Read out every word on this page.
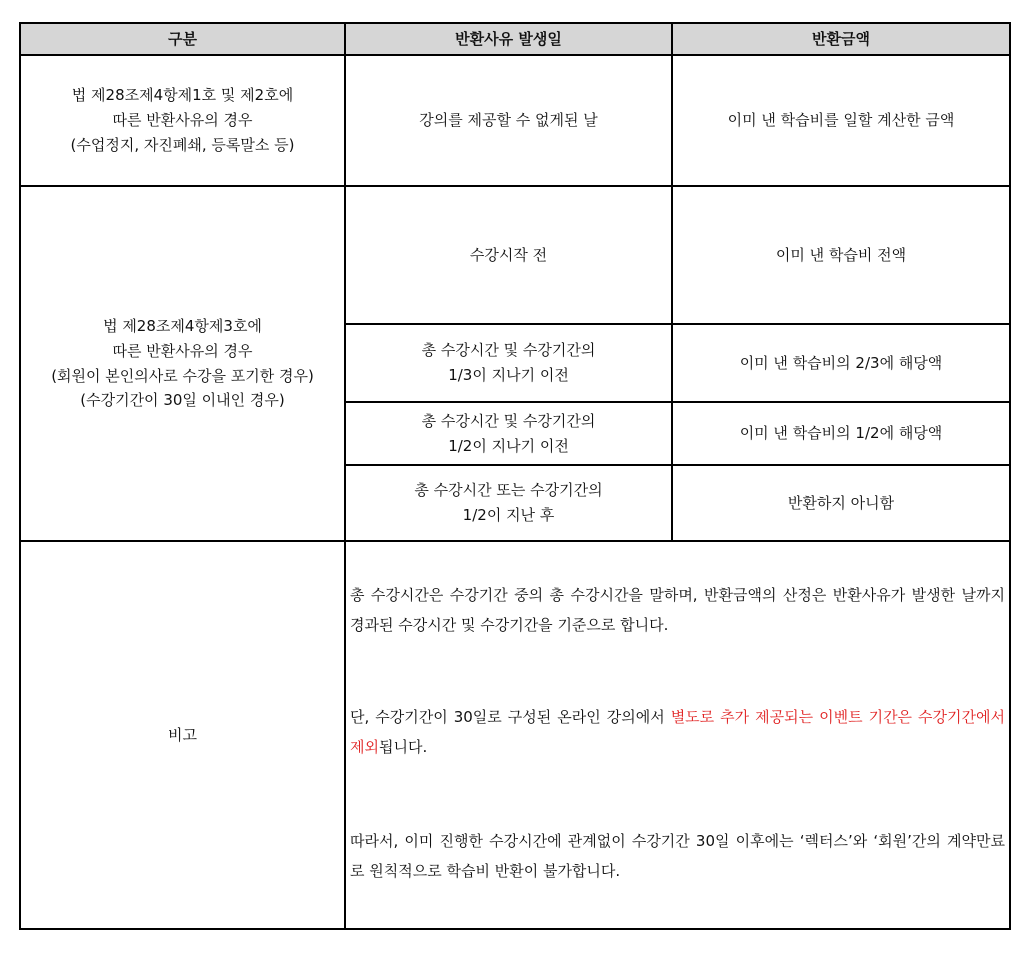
구분	반환사유 발생일	반환금액

법 제28조제4항제1호 및 제2호에
따른 반환사유의 경우
(수업정지, 자진폐쇄, 등록말소 등)	강의를 제공할 수 없게된 날	이미 낸 학습비를 일할 계산한 금액

법 제28조제4항제3호에
따른 반환사유의 경우
(회원이 본인의사로 수강을 포기한 경우)
(수강기간이 30일 이내인 경우)	수강시작 전	이미 낸 학습비 전액

	총 수강시간 및 수강기간의
1/3이 지나기 이전	이미 낸 학습비의 2/3에 해당액

	총 수강시간 및 수강기간의
1/2이 지나기 이전	이미 낸 학습비의 1/2에 해당액

	총 수강시간 또는 수강기간의
1/2이 지난 후	반환하지 아니함
비고	총 수강시간은 수강기간 중의 총 수강시간을 말하며, 반환금액의 산정은 반환사유가 발생한 날까지 경과된 수강시간 및 수강기간을 기준으로 합니다.

단, 수강기간이 30일로 구성된 온라인 강의에서 별도로 추가 제공되는 이벤트 기간은 수강기간에서 제외됩니다.

따라서, 이미 진행한 수강시간에 관계없이 수강기간 30일 이후에는 ‘렉터스’와 ‘회원’간의 계약만료로 원칙적으로 학습비 반환이 불가합니다.	
